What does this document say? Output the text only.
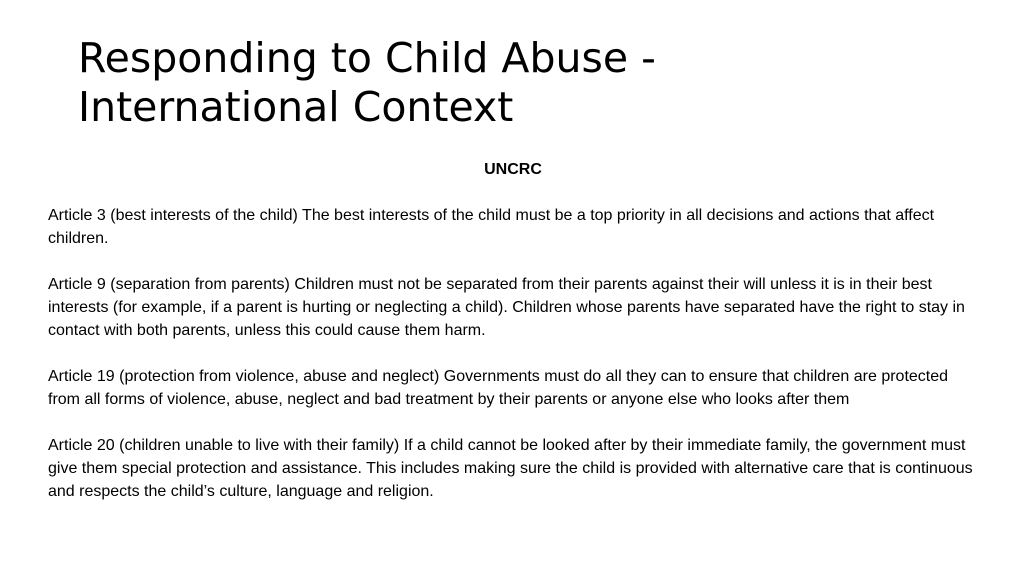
Responding to Child Abuse -
International Context

UNCRC

Article 3 (best interests of the child) The best interests of the child must be a top priority in all decisions and actions that affect children.

Article 9 (separation from parents) Children must not be separated from their parents against their will unless it is in their best interests (for example, if a parent is hurting or neglecting a child). Children whose parents have separated have the right to stay in contact with both parents, unless this could cause them harm.

Article 19 (protection from violence, abuse and neglect) Governments must do all they can to ensure that children are protected from all forms of violence, abuse, neglect and bad treatment by their parents or anyone else who looks after them

Article 20 (children unable to live with their family) If a child cannot be looked after by their immediate family, the government must give them special protection and assistance. This includes making sure the child is provided with alternative care that is continuous and respects the child’s culture, language and religion.
